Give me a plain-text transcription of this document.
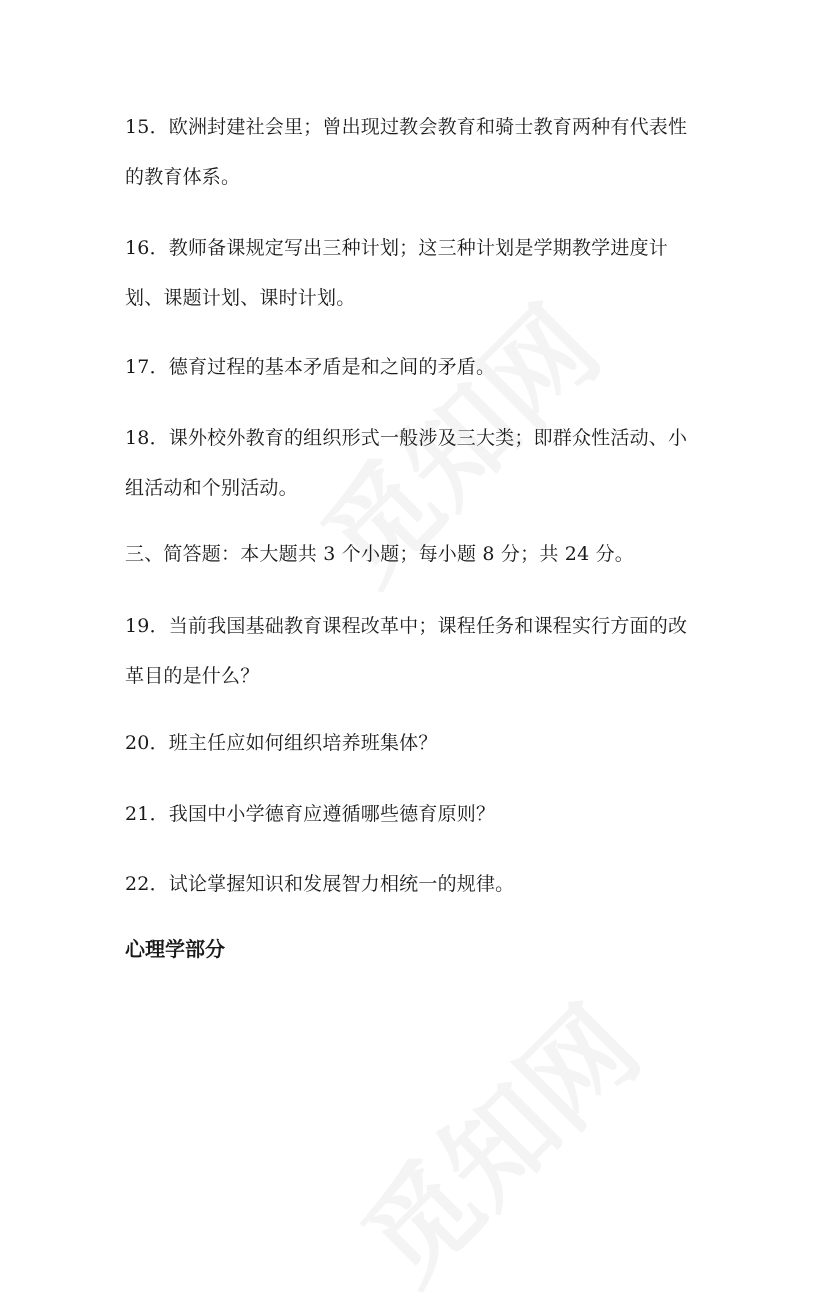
15．欧洲封建社会里；曾出现过教会教育和骑士教育两种有代表性
的教育体系。
16．教师备课规定写出三种计划；这三种计划是学期教学进度计
划、课题计划、课时计划。
17．德育过程的基本矛盾是和之间的矛盾。
18．课外校外教育的组织形式一般涉及三大类；即群众性活动、小
组活动和个别活动。
三、简答题：本大题共 3 个小题；每小题 8 分；共 24 分。
19．当前我国基础教育课程改革中；课程任务和课程实行方面的改
革目的是什么？
20．班主任应如何组织培养班集体？
21．我国中小学德育应遵循哪些德育原则？
22．试论掌握知识和发展智力相统一的规律。
心理学部分
